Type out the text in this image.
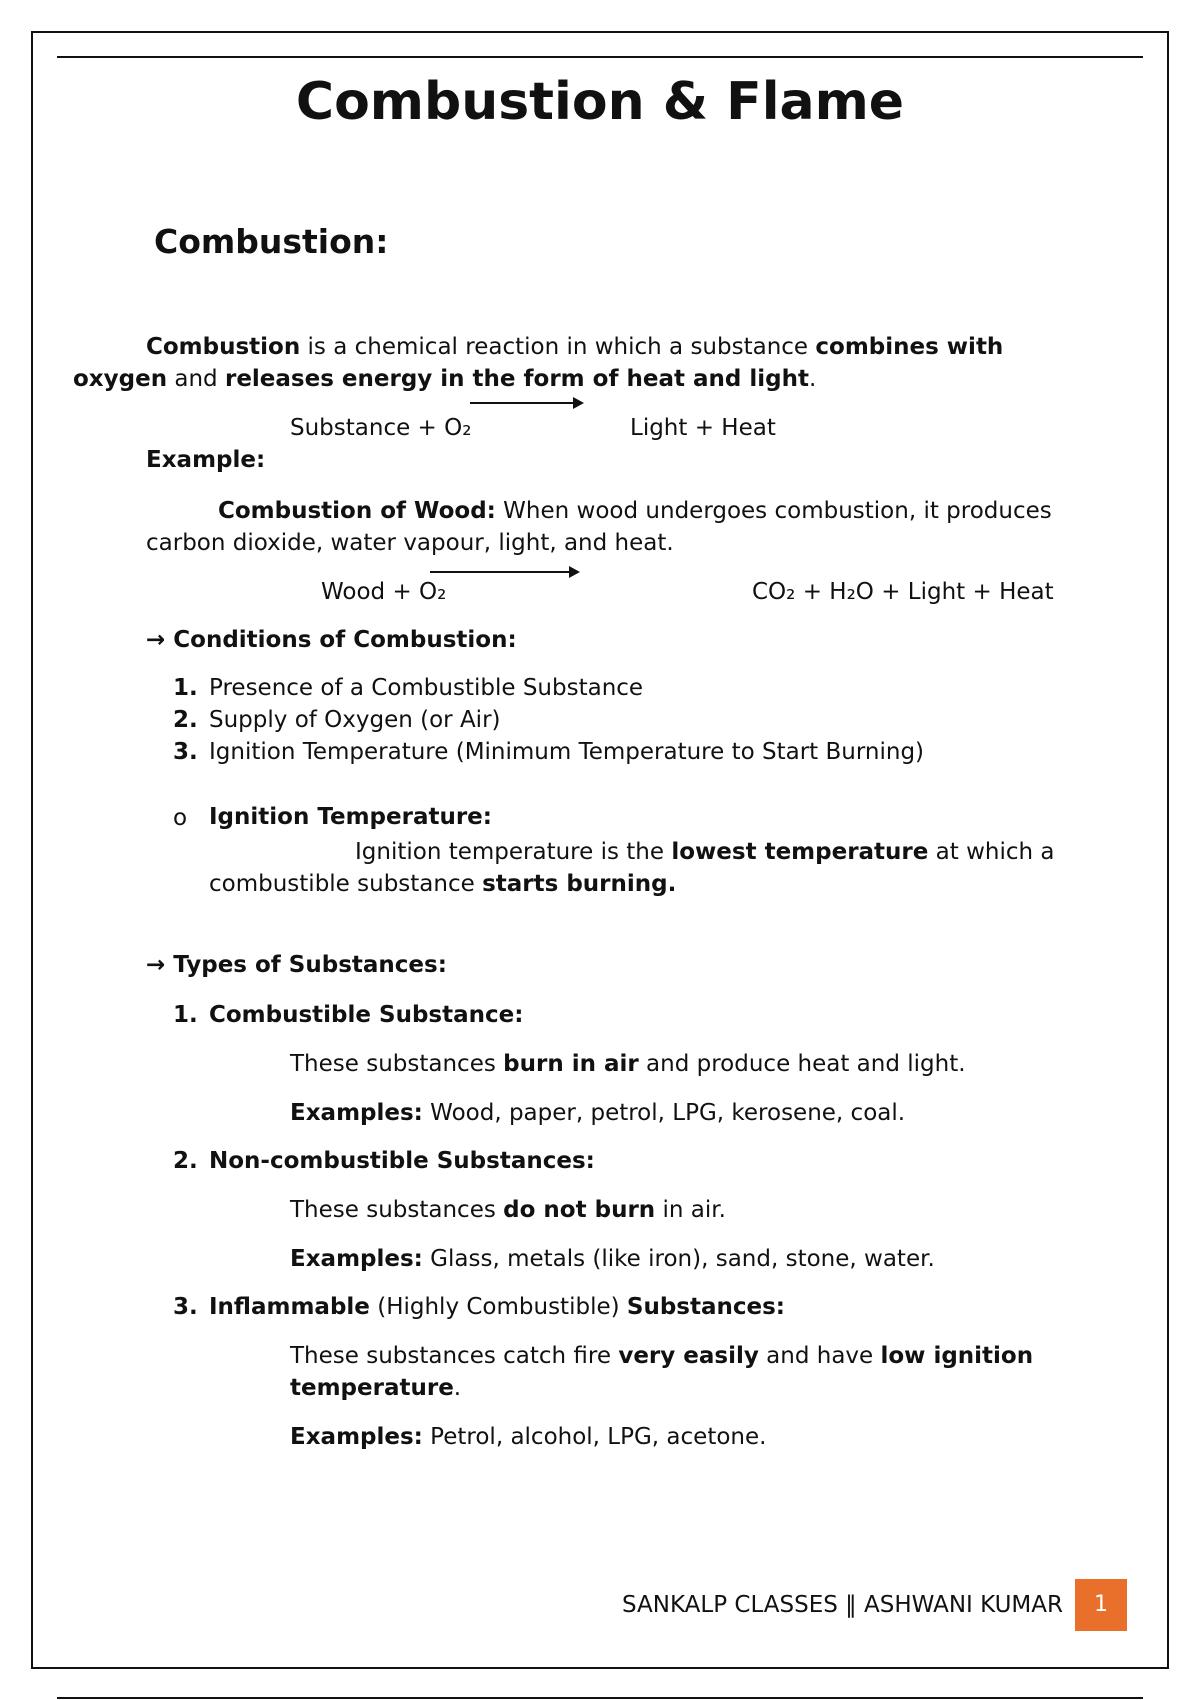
Combustion & Flame
Combustion:
Combustion is a chemical reaction in which a substance combines with
oxygen and releases energy in the form of heat and light.
Substance + O₂	Light + Heat
Example:
Combustion of Wood: When wood undergoes combustion, it produces
carbon dioxide, water vapour, light, and heat.
Wood + O₂	CO₂ + H₂O + Light + Heat
→ Conditions of Combustion:
1. Presence of a Combustible Substance
2. Supply of Oxygen (or Air)
3. Ignition Temperature (Minimum Temperature to Start Burning)
o Ignition Temperature:
Ignition temperature is the lowest temperature at which a
combustible substance starts burning.
→ Types of Substances:
1. Combustible Substance:
These substances burn in air and produce heat and light.
Examples: Wood, paper, petrol, LPG, kerosene, coal.
2. Non-combustible Substances:
These substances do not burn in air.
Examples: Glass, metals (like iron), sand, stone, water.
3. Inflammable (Highly Combustible) Substances:
These substances catch fire very easily and have low ignition
temperature.
Examples: Petrol, alcohol, LPG, acetone.
SANKALP CLASSES ‖ ASHWANI KUMAR	1
